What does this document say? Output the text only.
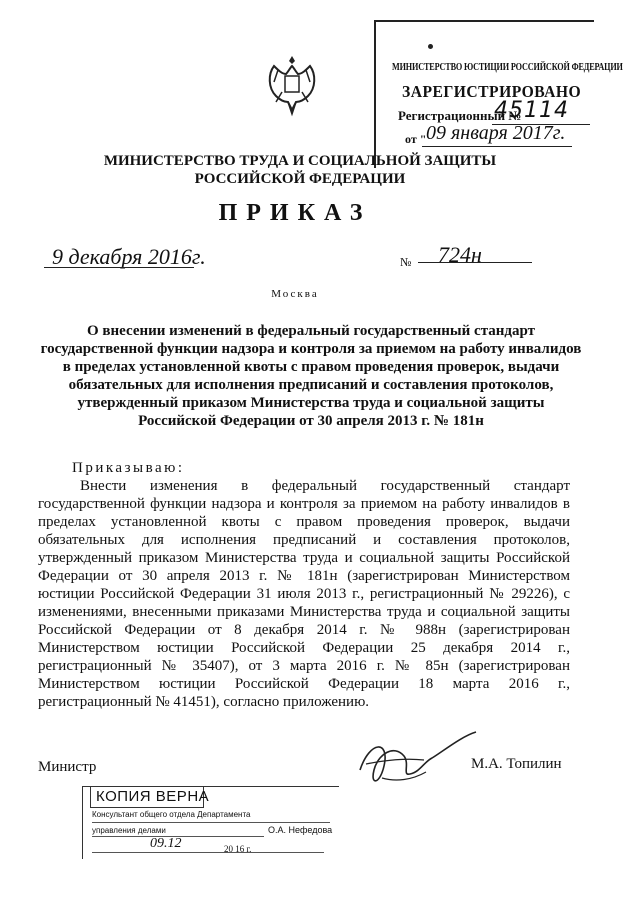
МИНИСТЕРСТВО ЮСТИЦИИ РОССИЙСКОЙ ФЕДЕРАЦИИ
ЗАРЕГИСТРИРОВАНО
Регистрационный №
45114
от " 09 января 2017г.
МИНИСТЕРСТВО ТРУДА И СОЦИАЛЬНОЙ ЗАЩИТЫ
РОССИЙСКОЙ ФЕДЕРАЦИИ
ПРИКАЗ
9 декабря 2016г.	№ 724н
Москва
О внесении изменений в федеральный государственный стандарт государственной функции надзора и контроля за приемом на работу инвалидов в пределах установленной квоты с правом проведения проверок, выдачи обязательных для исполнения предписаний и составления протоколов, утвержденный приказом Министерства труда и социальной защиты Российской Федерации от 30 апреля 2013 г. № 181н
Приказываю:
Внести изменения в федеральный государственный стандарт государственной функции надзора и контроля за приемом на работу инвалидов в пределах установленной квоты с правом проведения проверок, выдачи обязательных для исполнения предписаний и составления протоколов, утвержденный приказом Министерства труда и социальной защиты Российской Федерации от 30 апреля 2013 г. № 181н (зарегистрирован Министерством юстиции Российской Федерации 31 июля 2013 г., регистрационный № 29226), с изменениями, внесенными приказами Министерства труда и социальной защиты Российской Федерации от 8 декабря 2014 г. № 988н (зарегистрирован Министерством юстиции Российской Федерации 25 декабря 2014 г., регистрационный № 35407), от 3 марта 2016 г. № 85н (зарегистрирован Министерством юстиции Российской Федерации 18 марта 2016 г., регистрационный № 41451), согласно приложению.
Министр	М.А. Топилин
КОПИЯ ВЕРНА
Консультант общего отдела Департамента
управления делами	О.А. Нефедова
09.12	20 16 г.
